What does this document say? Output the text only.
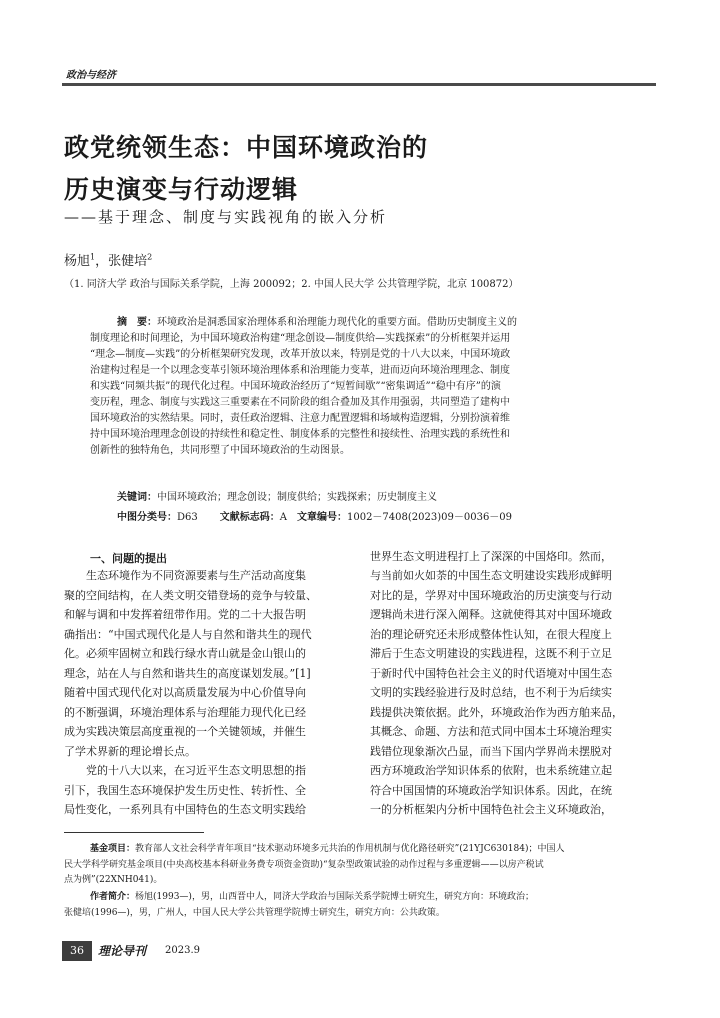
政治与经济
政党统领生态：中国环境政治的
历史演变与行动逻辑
——基于理念、制度与实践视角的嵌入分析
杨旭$^1$，张健培$^2$
（1. 同济大学 政治与国际关系学院，上海 200092；2. 中国人民大学 公共管理学院，北京 100872）
摘　要：环境政治是洞悉国家治理体系和治理能力现代化的重要方面。借助历史制度主义的
制度理论和时间理论，为中国环境政治构建“理念创设—制度供给—实践探索”的分析框架并运用
“理念—制度—实践”的分析框架研究发现，改革开放以来，特别是党的十八大以来，中国环境政
治建构过程是一个以理念变革引领环境治理体系和治理能力变革，进而迈向环境治理理念、制度
和实践“同频共振”的现代化过程。中国环境政治经历了“短暂间歇”“密集调适”“稳中有序”的演
变历程，理念、制度与实践这三重要素在不同阶段的组合叠加及其作用强弱，共同塑造了建构中
国环境政治的实然结果。同时，责任政治逻辑、注意力配置逻辑和场域构造逻辑，分别扮演着维
持中国环境治理理念创设的持续性和稳定性、制度体系的完整性和接续性、治理实践的系统性和
创新性的独特角色，共同形塑了中国环境政治的生动图景。
关键词：中国环境政治；理念创设；制度供给；实践探索；历史制度主义
中图分类号：D63 文献标志码：A 文章编号：1002－7408(2023)09－0036－09
一、问题的提出
　　生态环境作为不同资源要素与生产活动高度集
聚的空间结构，在人类文明交错登场的竞争与较量、
和解与调和中发挥着纽带作用。党的二十大报告明
确指出：“中国式现代化是人与自然和谐共生的现代
化。必须牢固树立和践行绿水青山就是金山银山的
理念，站在人与自然和谐共生的高度谋划发展。”[1]
随着中国式现代化对以高质量发展为中心价值导向
的不断强调，环境治理体系与治理能力现代化已经
成为实践决策层高度重视的一个关键领域，并催生
了学术界新的理论增长点。
　　党的十八大以来，在习近平生态文明思想的指
引下，我国生态环境保护发生历史性、转折性、全
局性变化，一系列具有中国特色的生态文明实践给
世界生态文明进程打上了深深的中国烙印。然而，
与当前如火如荼的中国生态文明建设实践形成鲜明
对比的是，学界对中国环境政治的历史演变与行动
逻辑尚未进行深入阐释。这就使得其对中国环境政
治的理论研究还未形成整体性认知，在很大程度上
滞后于生态文明建设的实践进程，这既不利于立足
于新时代中国特色社会主义的时代语境对中国生态
文明的实践经验进行及时总结，也不利于为后续实
践提供决策依据。此外，环境政治作为西方舶来品，
其概念、命题、方法和范式同中国本土环境治理实
践错位现象渐次凸显，而当下国内学界尚未摆脱对
西方环境政治学知识体系的依附，也未系统建立起
符合中国国情的环境政治学知识体系。因此，在统
一的分析框架内分析中国特色社会主义环境政治，
基金项目：教育部人文社会科学青年项目“技术驱动环境多元共治的作用机制与优化路径研究”(21YJC630184)；中国人
民大学科学研究基金项目(中央高校基本科研业务费专项资金资助)“复杂型政策试验的动作过程与多重逻辑——以房产税试
点为例”(22XNH041)。
作者简介：杨旭(1993—)，男，山西晋中人，同济大学政治与国际关系学院博士研究生，研究方向：环境政治；
张健培(1996—)，男，广州人，中国人民大学公共管理学院博士研究生，研究方向：公共政策。
36	理论导刊 2023.9
